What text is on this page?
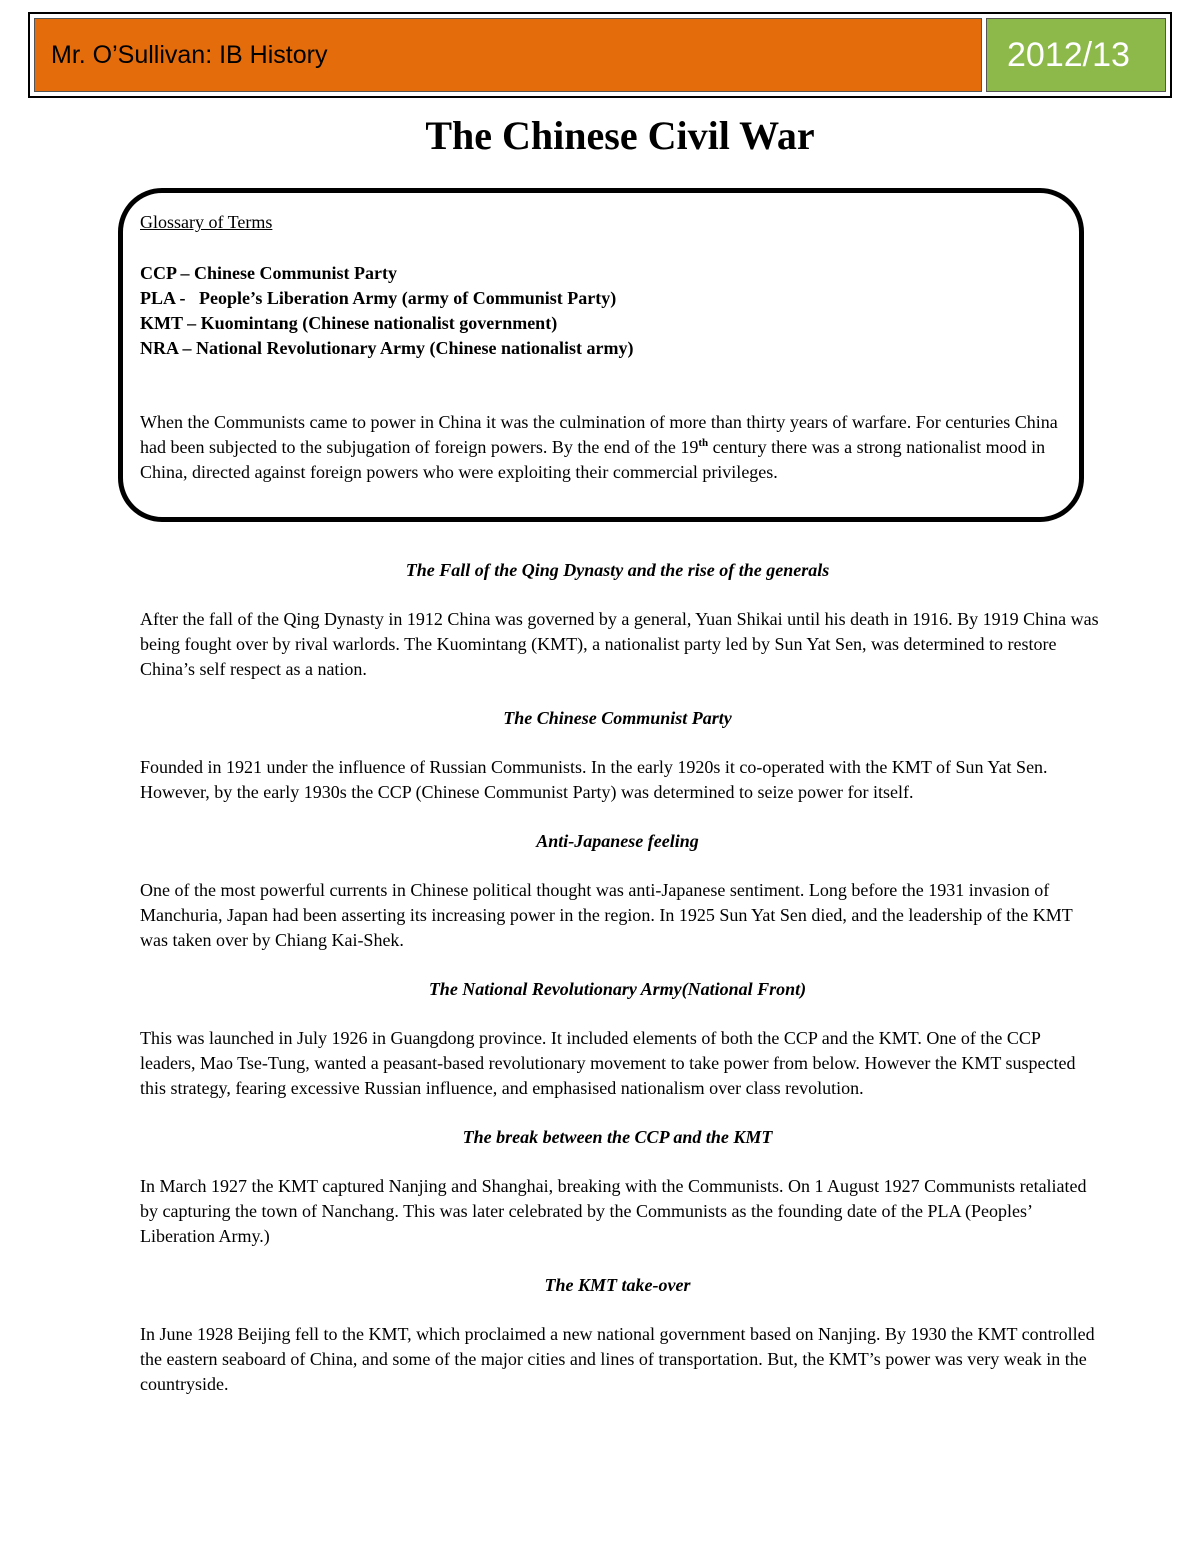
Mr. O’Sullivan: IB History	2012/13
The Chinese Civil War
Glossary of Terms
CCP – Chinese Communist Party
PLA -   People’s Liberation Army (army of Communist Party)
KMT – Kuomintang (Chinese nationalist government)
NRA – National Revolutionary Army (Chinese nationalist army)
When the Communists came to power in China it was the culmination of more than thirty years of warfare. For centuries China had been subjected to the subjugation of foreign powers. By the end of the 19th century there was a strong nationalist mood in China, directed against foreign powers who were exploiting their commercial privileges.
The Fall of the Qing Dynasty and the rise of the generals

After the fall of the Qing Dynasty in 1912 China was governed by a general, Yuan Shikai until his death in 1916. By 1919 China was being fought over by rival warlords. The Kuomintang (KMT), a nationalist party led by Sun Yat Sen, was determined to restore China’s self respect as a nation.

The Chinese Communist Party

Founded in 1921 under the influence of Russian Communists. In the early 1920s it co-operated with the KMT of Sun Yat Sen. However, by the early 1930s the CCP (Chinese Communist Party) was determined to seize power for itself.

Anti-Japanese feeling

One of the most powerful currents in Chinese political thought was anti-Japanese sentiment. Long before the 1931 invasion of Manchuria, Japan had been asserting its increasing power in the region. In 1925 Sun Yat Sen died, and the leadership of the KMT was taken over by Chiang Kai-Shek.

The National Revolutionary Army(National Front)

This was launched in July 1926 in Guangdong province. It included elements of both the CCP and the KMT. One of the CCP leaders, Mao Tse-Tung, wanted a peasant-based revolutionary movement to take power from below. However the KMT suspected this strategy, fearing excessive Russian influence, and emphasised nationalism over class revolution.

The break between the CCP and the KMT

In March 1927 the KMT captured Nanjing and Shanghai, breaking with the Communists. On 1 August 1927 Communists retaliated by capturing the town of Nanchang. This was later celebrated by the Communists as the founding date of the PLA (Peoples’ Liberation Army.)

The KMT take-over

In June 1928 Beijing fell to the KMT, which proclaimed a new national government based on Nanjing. By 1930 the KMT controlled the eastern seaboard of China, and some of the major cities and lines of transportation. But, the KMT’s power was very weak in the countryside.
